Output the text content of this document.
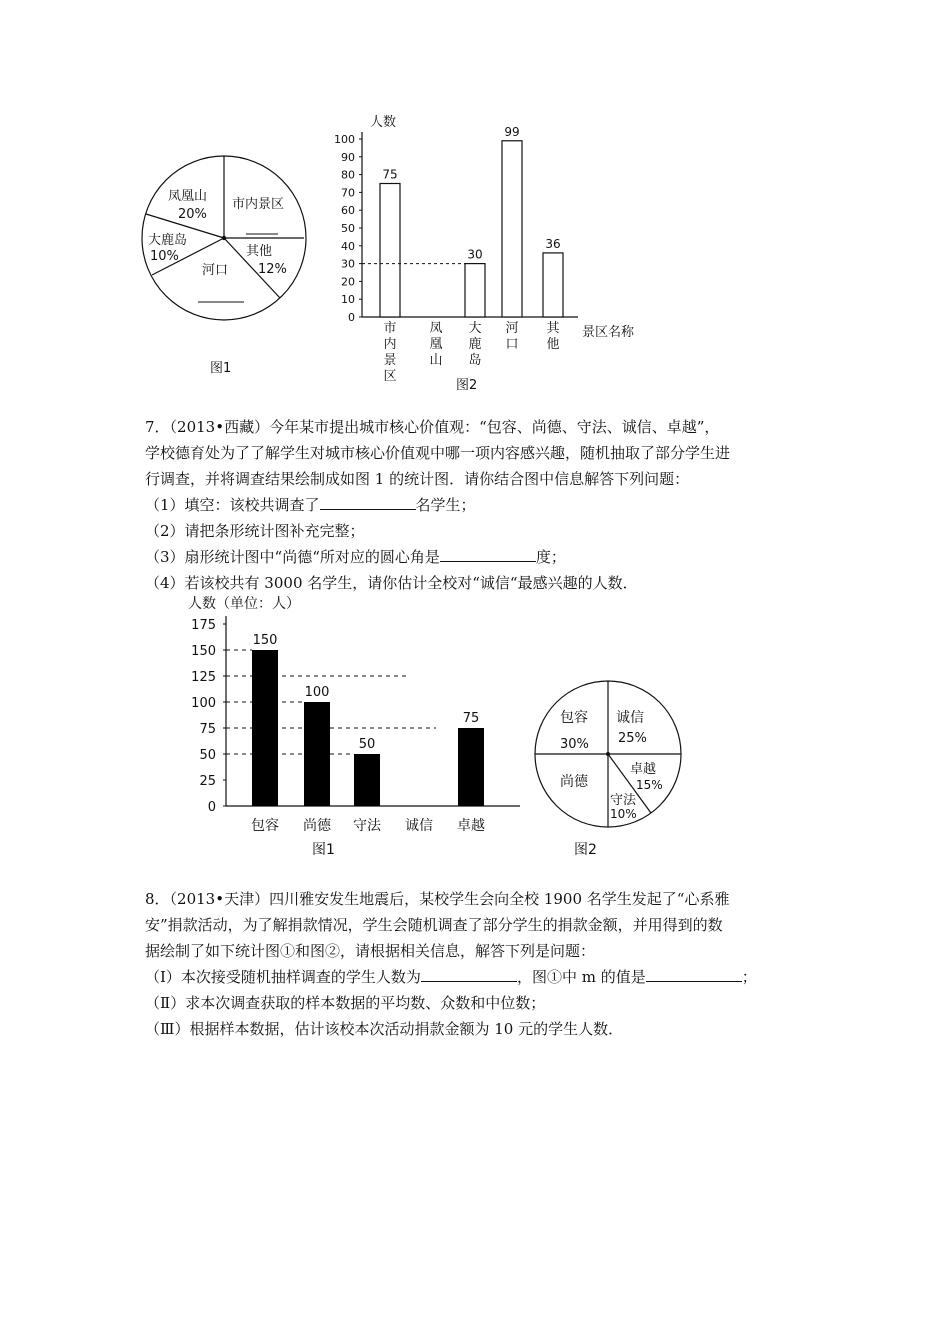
凤凰山
20%
市内景区
大鹿岛
10%	其他
12%
河口
图1
人数
景区名称
0
10
20
30
40
50
60
70
80
90
100
75
市
内
景
区
凤
凰
山
30
大
鹿
岛
99
河
口
36
其
他
图2
7．（2013•西藏）今年某市提出城市核心价值观：“包容、尚德、守法、诚信、卓越”，
学校德育处为了了解学生对城市核心价值观中哪一项内容感兴趣，随机抽取了部分学生进
行调查，并将调查结果绘制成如图 1 的统计图．请你结合图中信息解答下列问题：
（1）填空：该校共调查了	名学生；
（2）请把条形统计图补充完整；
（3）扇形统计图中“尚德“所对应的圆心角是	度；
（4）若该校共有 3000 名学生，请你估计全校对“诚信“最感兴趣的人数．
人数（单位：人）
0
25
50
75
100
125
150
175
150
包容
100
尚德
50
守法 诚信
75
卓越
图1
包容
30%
诚信
25%
尚德
卓越
15%
守法
10%
图2
8．（2013•天津）四川雅安发生地震后，某校学生会向全校 1900 名学生发起了“心系雅
安”捐款活动，为了解捐款情况，学生会随机调查了部分学生的捐款金额，并用得到的数
据绘制了如下统计图①和图②，请根据相关信息，解答下列是问题：
（Ⅰ）本次接受随机抽样调查的学生人数为	，图①中 m 的值是	；
（Ⅱ）求本次调查获取的样本数据的平均数、众数和中位数；
（Ⅲ）根据样本数据，估计该校本次活动捐款金额为 10 元的学生人数．
